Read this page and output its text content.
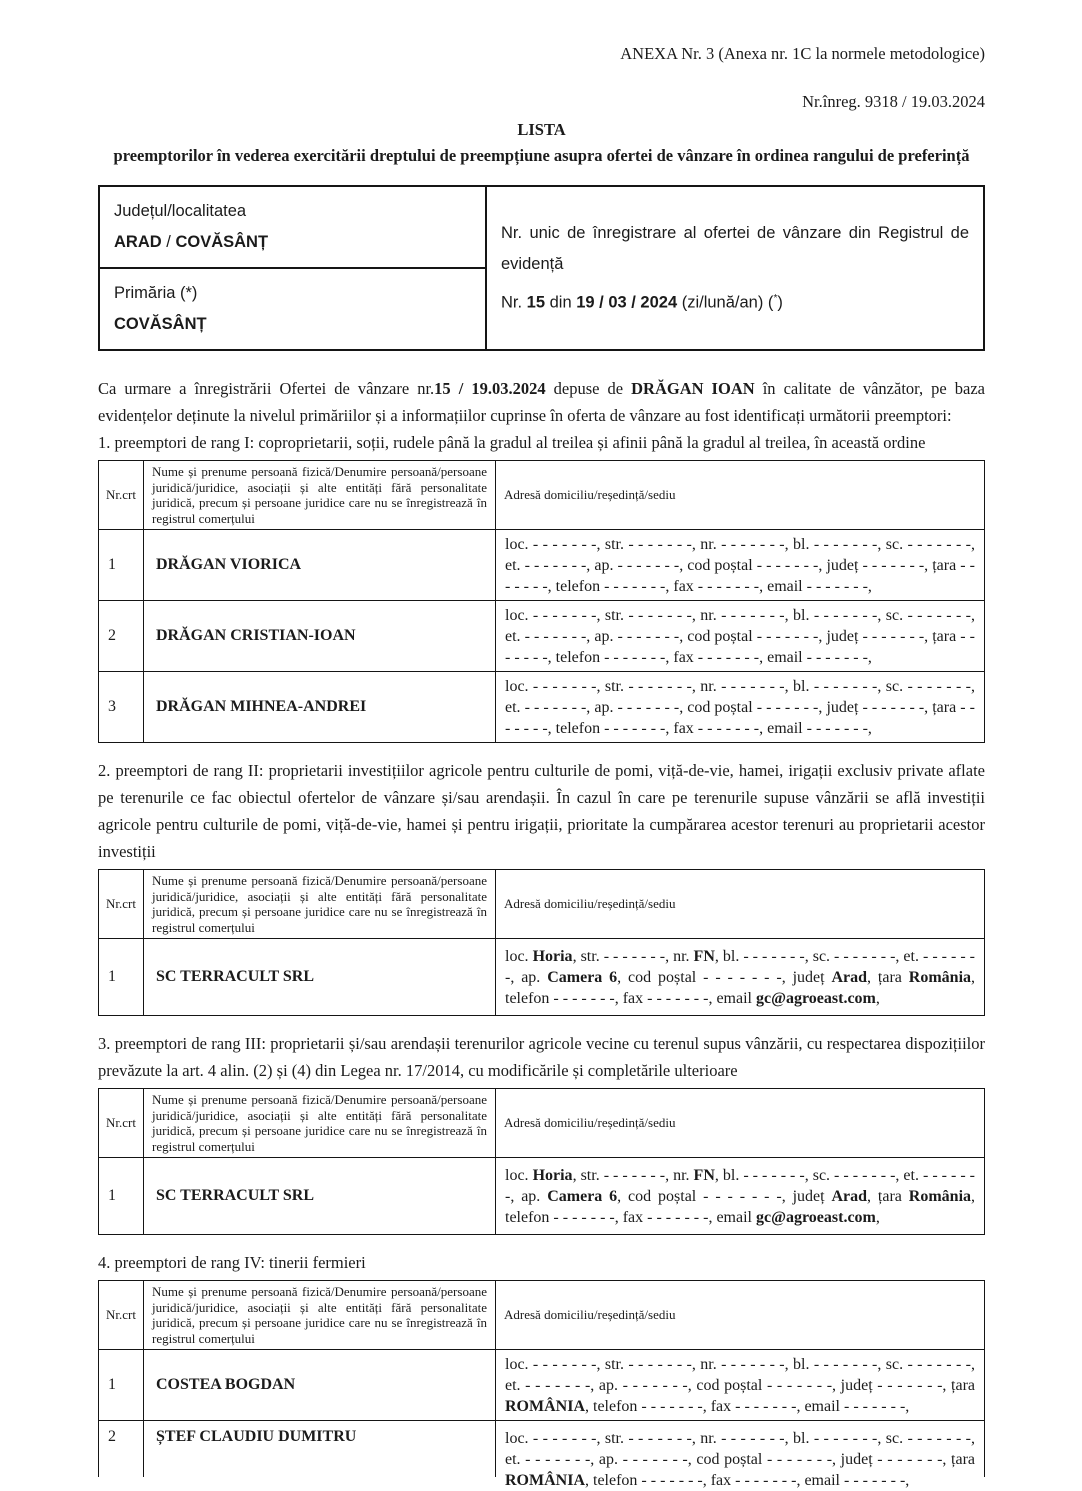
ANEXA Nr. 3 (Anexa nr. 1C la normele metodologice)
Nr.înreg. 9318 / 19.03.2024
LISTA
preemptorilor în vederea exercitării dreptului de preempțiune asupra ofertei de vânzare în ordinea rangului de preferință
Județul/localitatea
ARAD / COVĂSÂNȚ

Nr. unic de înregistrare al ofertei de vânzare din Registrul de evidență
Nr. 15 din 19 / 03 / 2024 (zi/lună/an) (*)

Primăria (*)
COVĂSÂNȚ

Ca urmare a înregistrării Ofertei de vânzare nr.15 / 19.03.2024 depuse de DRĂGAN IOAN în calitate de vânzător, pe baza evidențelor deținute la nivelul primăriilor și a informațiilor cuprinse în oferta de vânzare au fost identificați următorii preemptori:

1. preemptori de rang I: coproprietarii, soții, rudele până la gradul al treilea și afinii până la gradul al treilea, în această ordine

Nr.crt	Nume și prenume persoană fizică/Denumire persoană/persoane juridică/juridice, asociații și alte entități fără personalitate juridică, precum și persoane juridice care nu se înregistrează în registrul comerțului	Adresă domiciliu/reședință/sediu
1	DRĂGAN VIORICA	loc. - - - - - - -, str. - - - - - - -, nr. - - - - - - -, bl. - - - - - - -, sc. - - - - - - -, et. - - - - - - -, ap. - - - - - - -, cod poștal - - - - - - -, județ - - - - - - -, țara - - - - - - -, telefon - - - - - - -, fax - - - - - - -, email - - - - - - -,
2	DRĂGAN CRISTIAN-IOAN	loc. - - - - - - -, str. - - - - - - -, nr. - - - - - - -, bl. - - - - - - -, sc. - - - - - - -, et. - - - - - - -, ap. - - - - - - -, cod poștal - - - - - - -, județ - - - - - - -, țara - - - - - - -, telefon - - - - - - -, fax - - - - - - -, email - - - - - - -,
3	DRĂGAN MIHNEA-ANDREI	loc. - - - - - - -, str. - - - - - - -, nr. - - - - - - -, bl. - - - - - - -, sc. - - - - - - -, et. - - - - - - -, ap. - - - - - - -, cod poștal - - - - - - -, județ - - - - - - -, țara - - - - - - -, telefon - - - - - - -, fax - - - - - - -, email - - - - - - -,

2. preemptori de rang II: proprietarii investițiilor agricole pentru culturile de pomi, viță-de-vie, hamei, irigații exclusiv private aflate pe terenurile ce fac obiectul ofertelor de vânzare și/sau arendașii. În cazul în care pe terenurile supuse vânzării se află investiții agricole pentru culturile de pomi, viță-de-vie, hamei și pentru irigații, prioritate la cumpărarea acestor terenuri au proprietarii acestor investiții

Nr.crt	Nume și prenume persoană fizică/Denumire persoană/persoane juridică/juridice, asociații și alte entități fără personalitate juridică, precum și persoane juridice care nu se înregistrează în registrul comerțului	Adresă domiciliu/reședință/sediu
1	SC TERRACULT SRL	loc. Horia, str. - - - - - - -, nr. FN, bl. - - - - - - -, sc. - - - - - - -, et. - - - - - - -, ap. Camera 6, cod poștal - - - - - - -, județ Arad, țara România, telefon - - - - - - -, fax - - - - - - -, email gc@agroeast.com,

3. preemptori de rang III: proprietarii și/sau arendașii terenurilor agricole vecine cu terenul supus vânzării, cu respectarea dispozițiilor prevăzute la art. 4 alin. (2) și (4) din Legea nr. 17/2014, cu modificările și completările ulterioare

Nr.crt	Nume și prenume persoană fizică/Denumire persoană/persoane juridică/juridice, asociații și alte entități fără personalitate juridică, precum și persoane juridice care nu se înregistrează în registrul comerțului	Adresă domiciliu/reședință/sediu
1	SC TERRACULT SRL	loc. Horia, str. - - - - - - -, nr. FN, bl. - - - - - - -, sc. - - - - - - -, et. - - - - - - -, ap. Camera 6, cod poștal - - - - - - -, județ Arad, țara România, telefon - - - - - - -, fax - - - - - - -, email gc@agroeast.com,

4. preemptori de rang IV: tinerii fermieri

Nr.crt	Nume și prenume persoană fizică/Denumire persoană/persoane juridică/juridice, asociații și alte entități fără personalitate juridică, precum și persoane juridice care nu se înregistrează în registrul comerțului	Adresă domiciliu/reședință/sediu
1	COSTEA BOGDAN	loc. - - - - - - -, str. - - - - - - -, nr. - - - - - - -, bl. - - - - - - -, sc. - - - - - - -, et. - - - - - - -, ap. - - - - - - -, cod poștal - - - - - - -, județ - - - - - - -, țara ROMÂNIA, telefon - - - - - - -, fax - - - - - - -, email - - - - - - -,

2	ȘTEF CLAUDIU DUMITRU	loc. - - - - - - -, str. - - - - - - -, nr. - - - - - - -, bl. - - - - - - -, sc. - - - - - - -, et. - - - - - - -, ap. - - - - - - -, cod poștal - - - - - - -, județ - - - - - - -, țara ROMÂNIA, telefon - - - - - - -, fax - - - - - - -, email - - - - - - -,
